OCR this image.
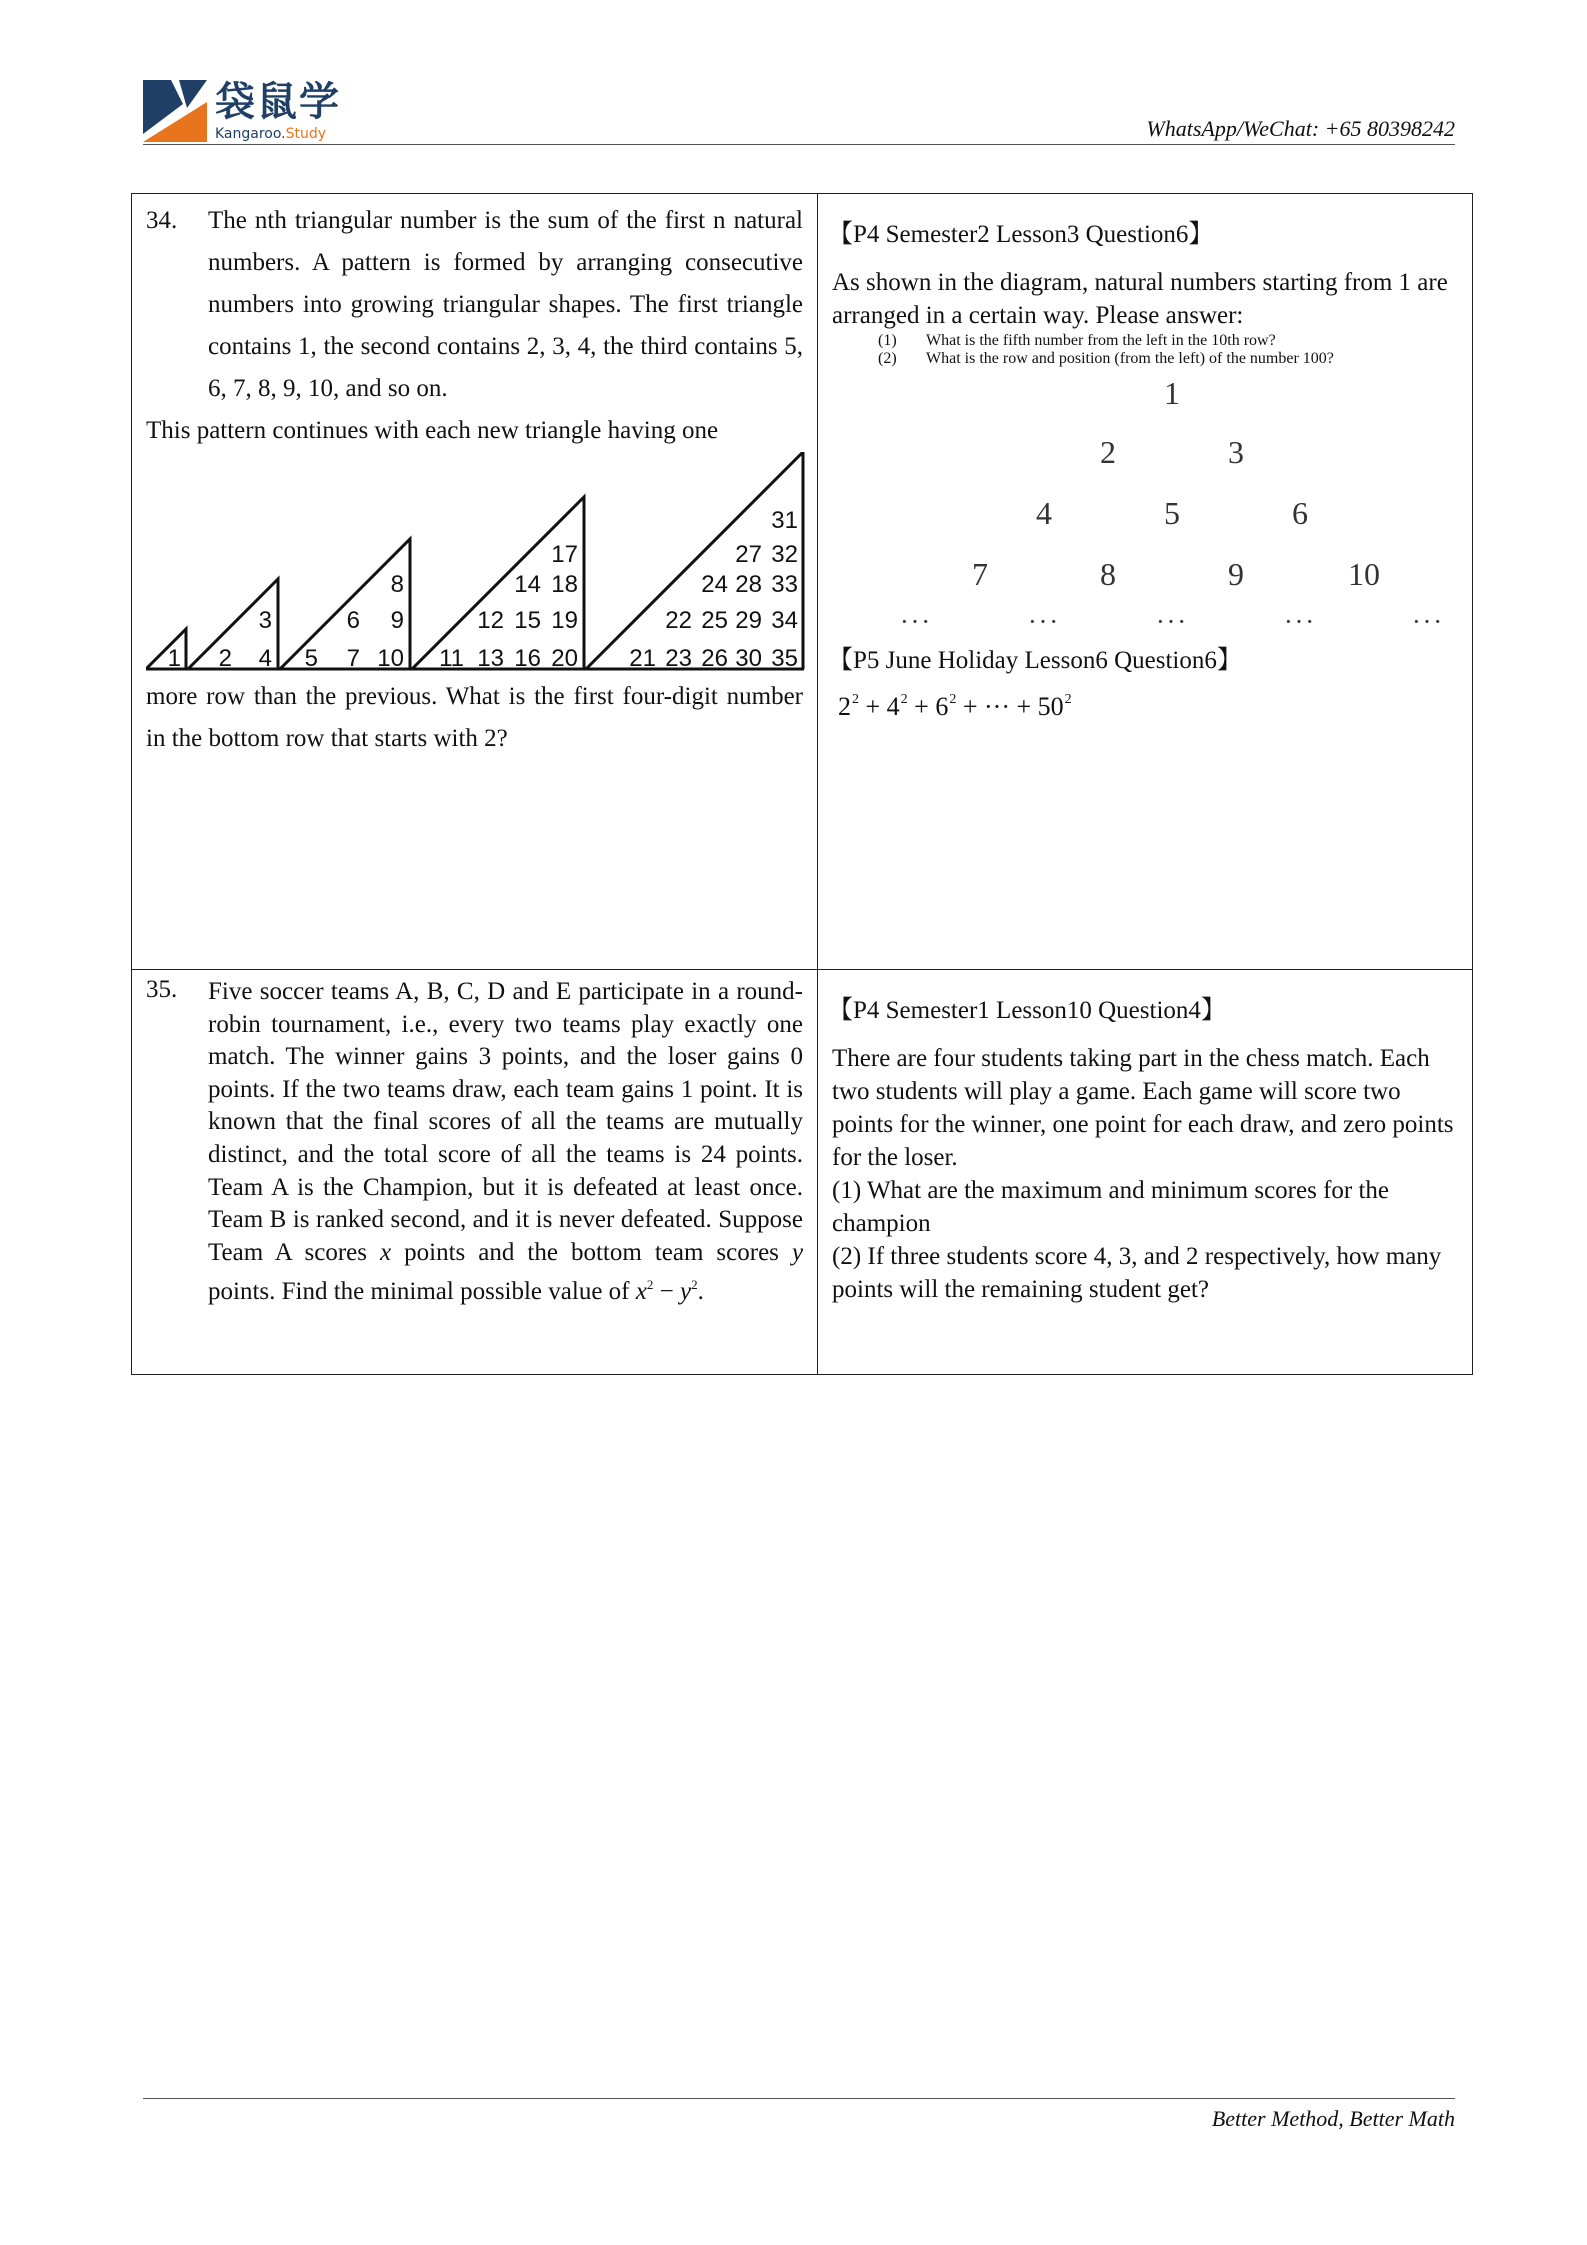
袋鼠学
Kangaroo.Study	WhatsApp/WeChat: +65 80398242
34. The nth triangular number is the sum of the first n natural numbers. A pattern is formed by arranging consecutive numbers into growing triangular shapes. The first triangle contains 1, the second contains 2, 3, 4, the third contains 5, 6, 7, 8, 9, 10, and so on.
This pattern continues with each new triangle having one
1
3
2 4
8
6 9
5 7 10
17
14 18
12 15 19
11 13 16 20
31
27 32
24 28 33
22 25 29 34
21 23 26 30 35
more row than the previous. What is the first four-digit number in the bottom row that starts with 2?
【P4 Semester2 Lesson3 Question6】
As shown in the diagram, natural numbers starting from 1 are arranged in a certain way. Please answer:
(1) What is the fifth number from the left in the 10th row?
(2) What is the row and position (from the left) of the number 100?
1
2	3
4	5	6
7	8	9	10
···	···	···	···	···
【P5 June Holiday Lesson6 Question6】
$2^2 + 4^2 + 6^2$ + ··· + $50^2$
35. Five soccer teams A, B, C, D and E participate in a round-robin tournament, i.e., every two teams play exactly one match. The winner gains 3 points, and the loser gains 0 points. If the two teams draw, each team gains 1 point. It is known that the final scores of all the teams are mutually distinct, and the total score of all the teams is 24 points. Team A is the Champion, but it is defeated at least once. Team B is ranked second, and it is never defeated. Suppose Team A scores x points and the bottom team scores y points. Find the minimal possible value of $x^2 - y^2$.
【P4 Semester1 Lesson10 Question4】
There are four students taking part in the chess match. Each two students will play a game. Each game will score two points for the winner, one point for each draw, and zero points for the loser.
(1) What are the maximum and minimum scores for the champion
(2) If three students score 4, 3, and 2 respectively, how many points will the remaining student get?
Better Method, Better Math
